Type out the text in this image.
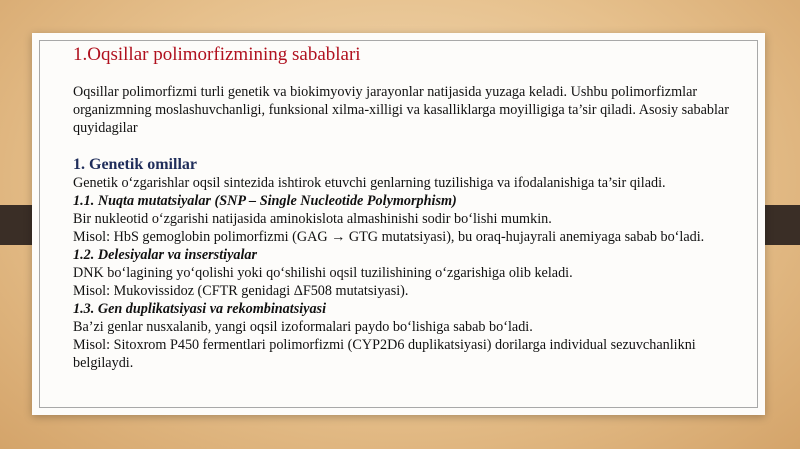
1.Oqsillar polimorfizmining sabablari

Oqsillar polimorfizmi turli genetik va biokimyoviy jarayonlar natijasida yuzaga keladi. Ushbu polimorfizmlar organizmning moslashuvchanligi, funksional xilma-xilligi va kasalliklarga moyilligiga ta’sir qiladi. Asosiy sabablar quyidagilar

1. Genetik omillar

Genetik o‘zgarishlar oqsil sintezida ishtirok etuvchi genlarning tuzilishiga va ifodalanishiga ta’sir qiladi.

1.1. Nuqta mutatsiyalar (SNP – Single Nucleotide Polymorphism)

Bir nukleotid o‘zgarishi natijasida aminokislota almashinishi sodir bo‘lishi mumkin.

Misol: HbS gemoglobin polimorfizmi (GAG → GTG mutatsiyasi), bu oraq-hujayrali anemiyaga sabab bo‘ladi.

1.2. Delesiyalar va inserstiyalar

DNK bo‘lagining yo‘qolishi yoki qo‘shilishi oqsil tuzilishining o‘zgarishiga olib keladi.

Misol: Mukovissidoz (CFTR genidagi ΔF508 mutatsiyasi).

1.3. Gen duplikatsiyasi va rekombinatsiyasi

Ba’zi genlar nusxalanib, yangi oqsil izoformalari paydo bo‘lishiga sabab bo‘ladi.

Misol: Sitoxrom P450 fermentlari polimorfizmi (CYP2D6 duplikatsiyasi) dorilarga individual sezuvchanlikni belgilaydi.
